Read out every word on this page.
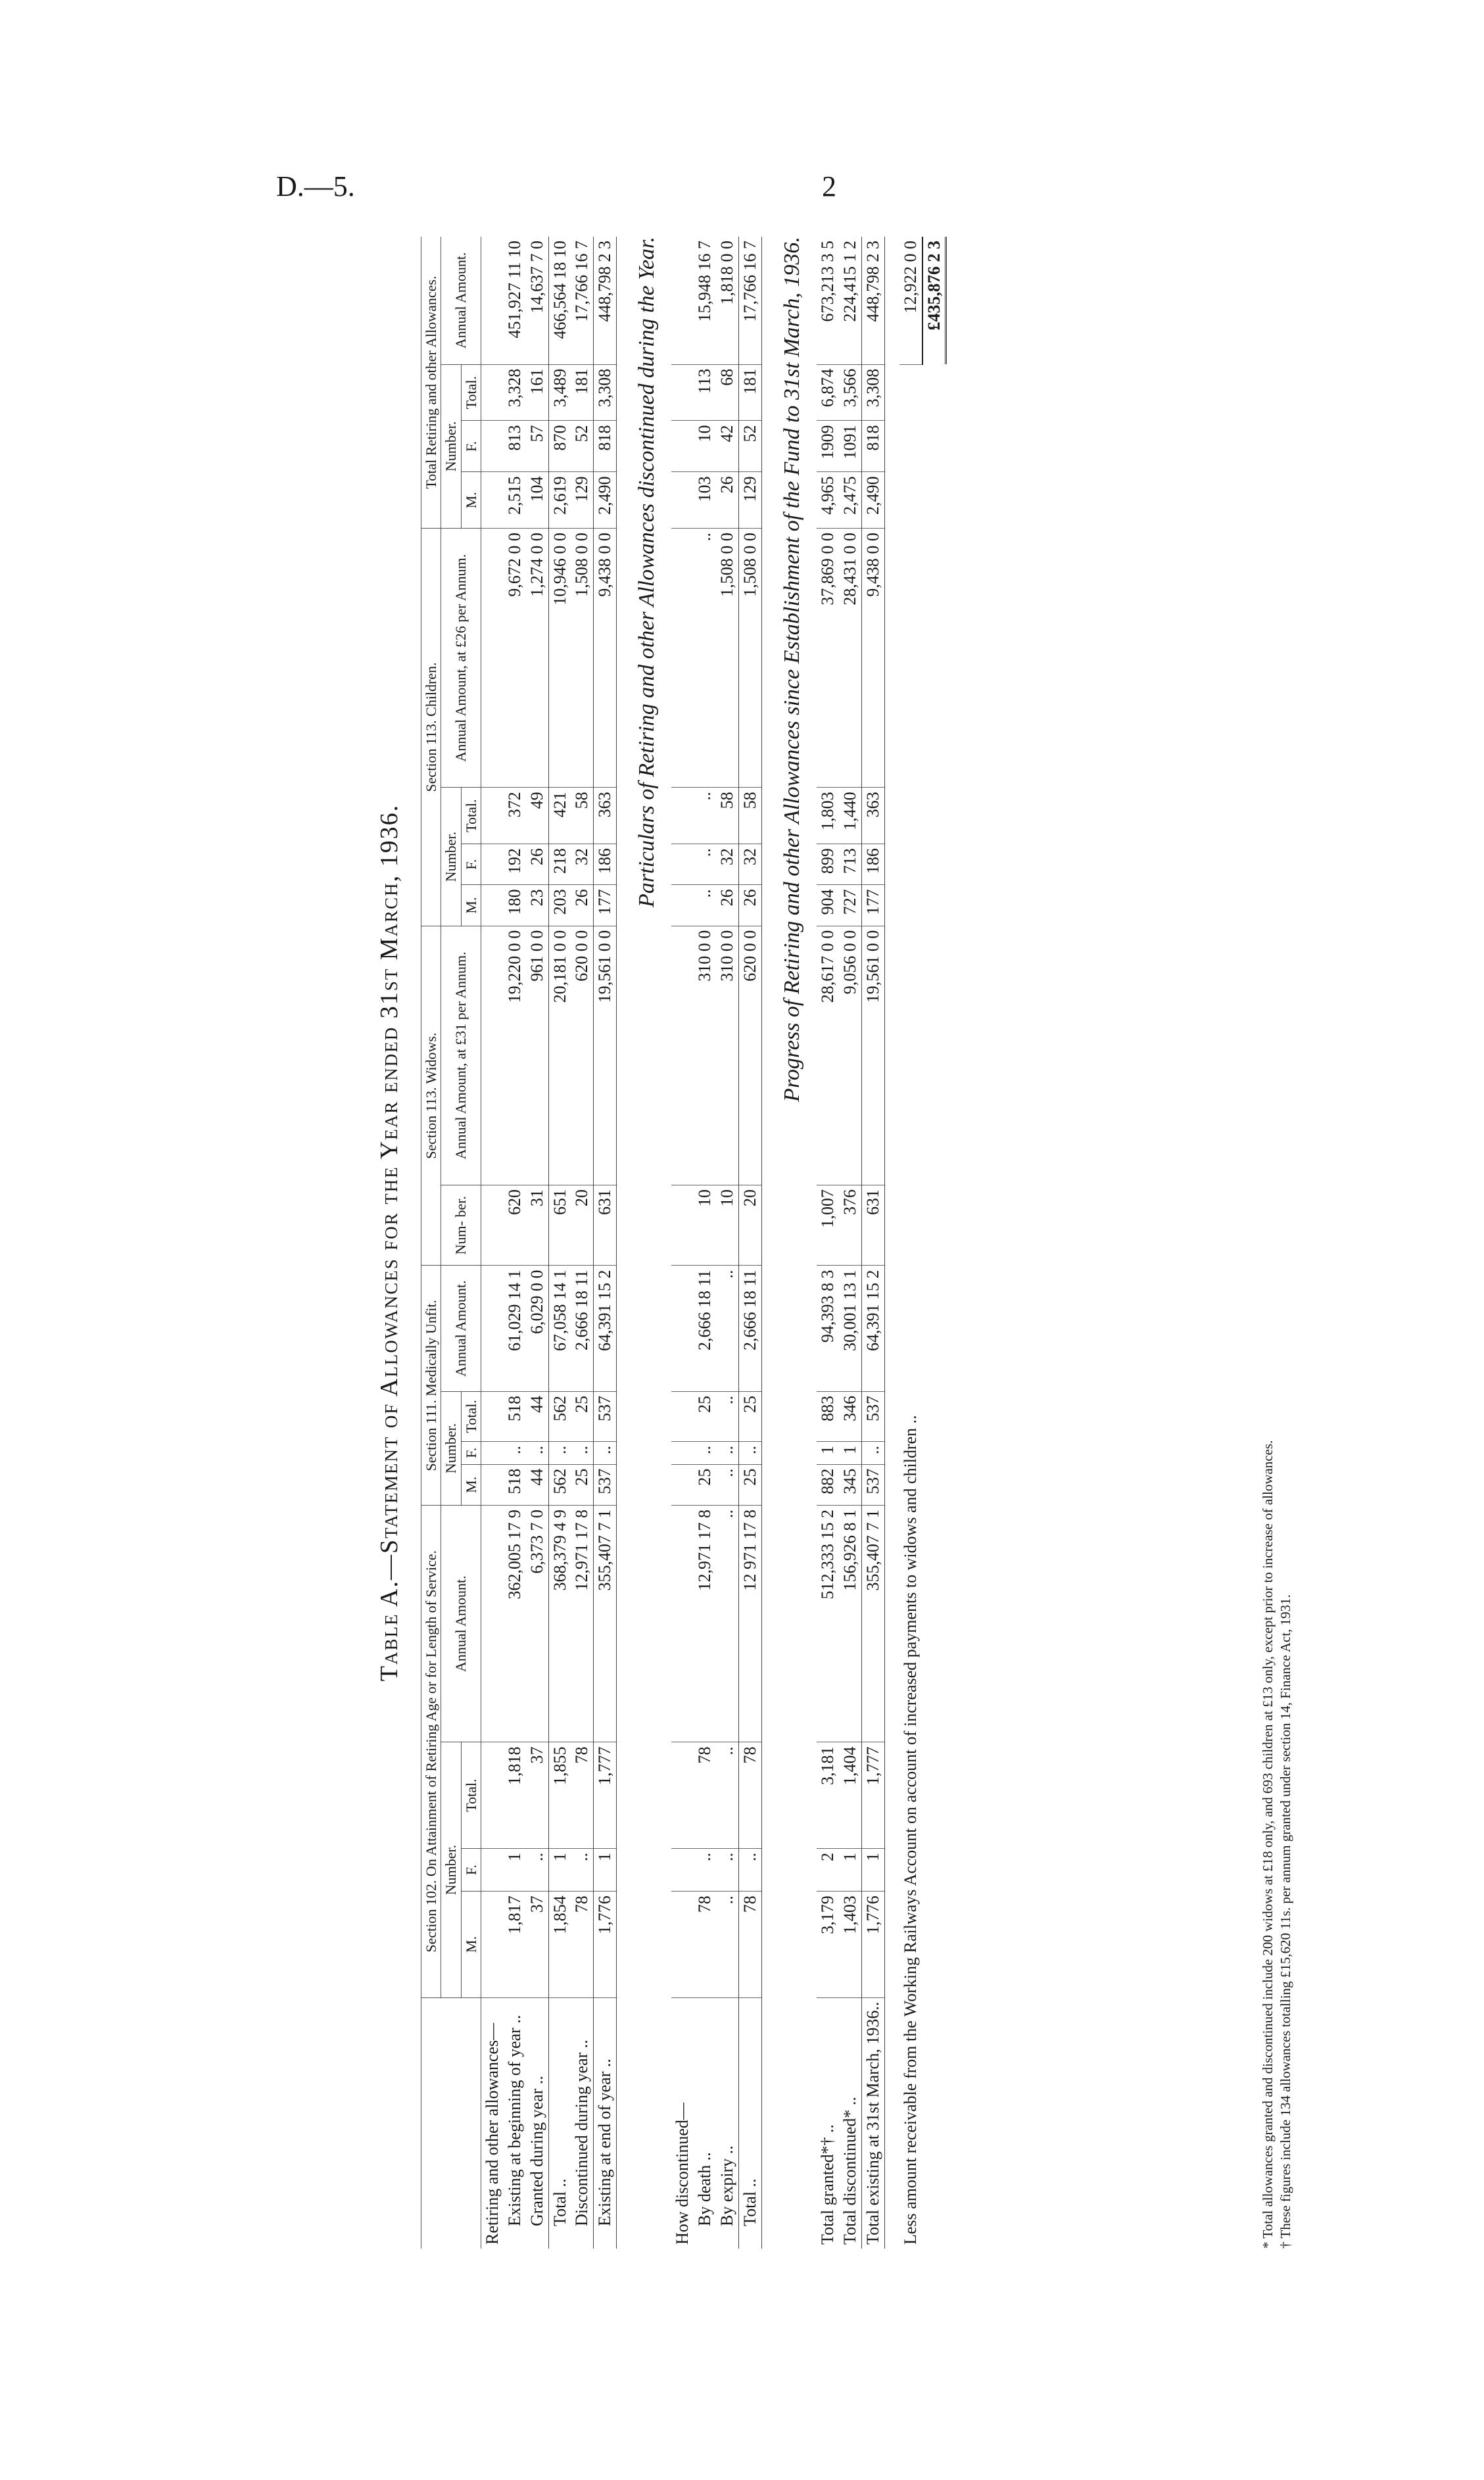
D.—5.	2
Table A.—Statement of Allowances for the Year ended 31st March, 1936.
	Section 102. On Attainment of Retiring Age or for Length of Service.				Section 111. Medically Unfit.				Section 113. Widows.		Section 113. Children.				Total Retiring and other Allowances.			
	Number.			Annual Amount.	Number.			Annual Amount.	Num- ber.	Annual Amount, at £31 per Annum.	Number.			Annual Amount, at £26 per Annum.	Number.			Annual Amount.
	M.	F.	Total.		M.	F.	Total.				M.	F.	Total.		M.	F.	Total.	
Retiring and other allowances—																		
Existing at beginning of year ..	1,817	1	1,818	362,005 17 9	518	..	518	61,029 14 1	620	19,220 0 0	180	192	372	9,672 0 0	2,515	813	3,328	451,927 11 10
Granted during year ..	37	..	37	6,373 7 0	44	..	44	6,029 0 0	31	961 0 0	23	26	49	1,274 0 0	104	57	161	14,637 7 0
Total ..	1,854	1	1,855	368,379 4 9	562	..	562	67,058 14 1	651	20,181 0 0	203	218	421	10,946 0 0	2,619	870	3,489	466,564 18 10
Discontinued during year ..	78	..	78	12,971 17 8	25	..	25	2,666 18 11	20	620 0 0	26	32	58	1,508 0 0	129	52	181	17,766 16 7
Existing at end of year ..	1,776	1	1,777	355,407 7 1	537	..	537	64,391 15 2	631	19,561 0 0	177	186	363	9,438 0 0	2,490	818	3,308	448,798 2 3
Particulars of Retiring and other Allowances discontinued during the Year.																		
How discontinued—																		
By death ..	78	..	78	12,971 17 8	25	..	25	2,666 18 11	10	310 0 0	..	..	..	..	103	10	113	15,948 16 7
By expiry ..	..	..	..	..	..	..	..	..	10	310 0 0	26	32	58	1,508 0 0	26	42	68	1,818 0 0
Total ..	78	..	78	12 971 17 8	25	..	25	2,666 18 11	20	620 0 0	26	32	58	1,508 0 0	129	52	181	17,766 16 7
Progress of Retiring and other Allowances since Establishment of the Fund to 31st March, 1936.																		
Total granted*† ..	3,179	2	3,181	512,333 15 2	882	1	883	94,393 8 3	1,007	28,617 0 0	904	899	1,803	37,869 0 0	4,965	1909	6,874	673,213 3 5
Total discontinued* ..	1,403	1	1,404	156,926 8 1	345	1	346	30,001 13 1	376	9,056 0 0	727	713	1,440	28,431 0 0	2,475	1091	3,566	224,415 1 2
Total existing at 31st March, 1936..	1,776	1	1,777	355,407 7 1	537	..	537	64,391 15 2	631	19,561 0 0	177	186	363	9,438 0 0	2,490	818	3,308	448,798 2 3

Less amount receivable from the Working Railways Account on account of increased payments to widows and children ..																		12,922 0 0
																		£435,876 2 3
* Total allowances granted and discontinued include 200 widows at £18 only, and 693 children at £13 only, except prior to increase of allowances. † These figures include 134 allowances totalling £15,620 11s. per annum granted under section 14, Finance Act, 1931.
